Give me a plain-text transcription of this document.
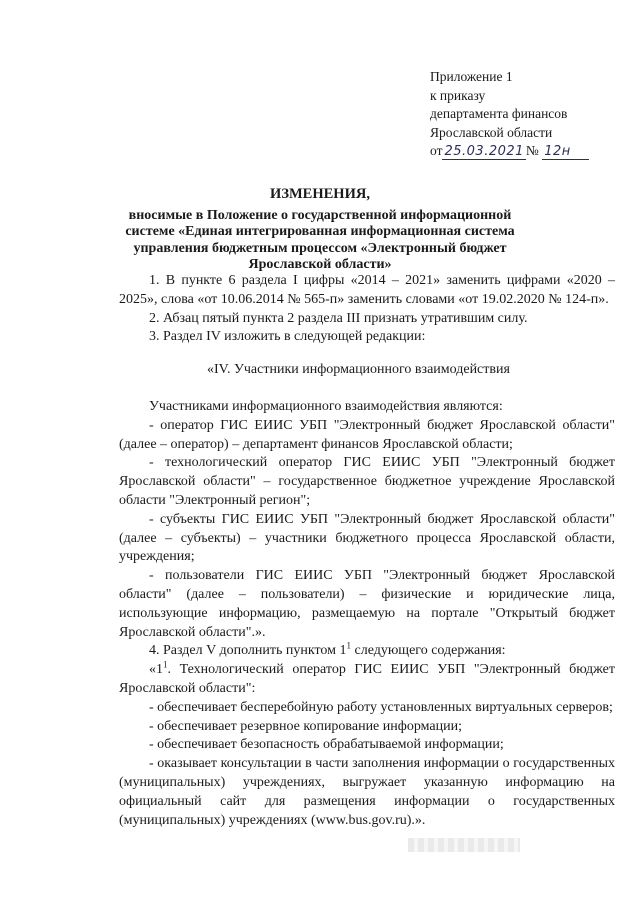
Приложение 1
к приказу
департамента финансов
Ярославской области
от 25.03.2021 № 12н
ИЗМЕНЕНИЯ,
вносимые в Положение о государственной информационной системе «Единая интегрированная информационная система управления бюджетным процессом «Электронный бюджет Ярославской области»

1. В пункте 6 раздела I цифры «2014 – 2021» заменить цифрами «2020 – 2025», слова «от 10.06.2014 № 565-п» заменить словами «от 19.02.2020 № 124-п».

2. Абзац пятый пункта 2 раздела III признать утратившим силу.

3. Раздел IV изложить в следующей редакции:

«IV. Участники информационного взаимодействия

Участниками информационного взаимодействия являются:

- оператор ГИС ЕИИС УБП "Электронный бюджет Ярославской области" (далее – оператор) – департамент финансов Ярославской области;

- технологический оператор ГИС ЕИИС УБП "Электронный бюджет Ярославской области" – государственное бюджетное учреждение Ярославской области "Электронный регион";

- субъекты ГИС ЕИИС УБП "Электронный бюджет Ярославской области" (далее – субъекты) – участники бюджетного процесса Ярославской области, учреждения;

- пользователи ГИС ЕИИС УБП "Электронный бюджет Ярославской области" (далее – пользователи) – физические и юридические лица, использующие информацию, размещаемую на портале "Открытый бюджет Ярославской области".».

4. Раздел V дополнить пунктом $1^1$ следующего содержания:

«$1^1$. Технологический оператор ГИС ЕИИС УБП "Электронный бюджет Ярославской области":

- обеспечивает бесперебойную работу установленных виртуальных серверов;

- обеспечивает резервное копирование информации;

- обеспечивает безопасность обрабатываемой информации;

- оказывает консультации в части заполнения информации о государственных (муниципальных) учреждениях, выгружает указанную информацию на официальный сайт для размещения информации о государственных (муниципальных) учреждениях (www.bus.gov.ru).».
